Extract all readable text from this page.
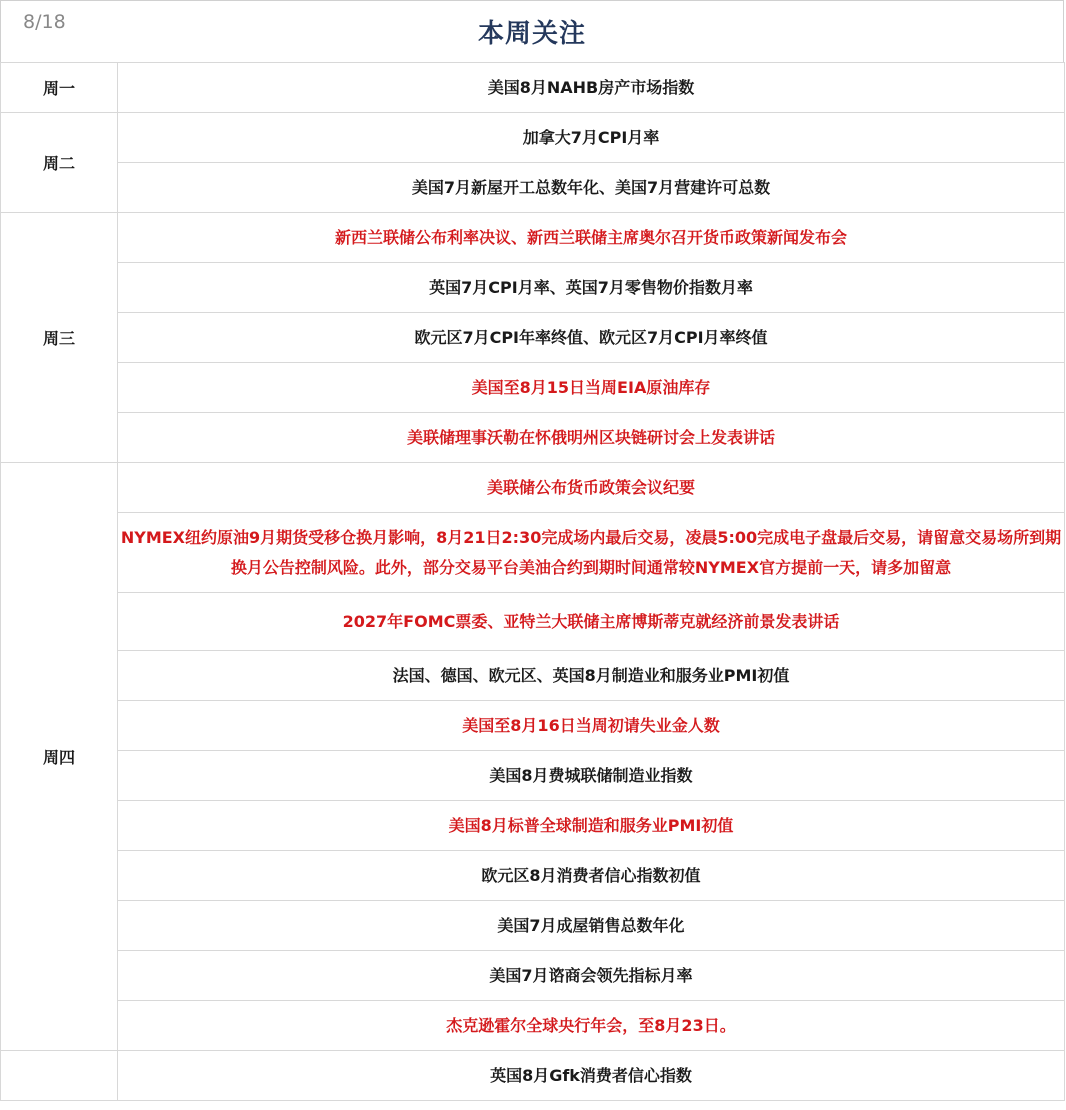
8/18	本周关注
周一	美国8月NAHB房产市场指数
周二	加拿大7月CPI月率
	美国7月新屋开工总数年化、美国7月营建许可总数
周三	新西兰联储公布利率决议、新西兰联储主席奥尔召开货币政策新闻发布会
	英国7月CPI月率、英国7月零售物价指数月率
	欧元区7月CPI年率终值、欧元区7月CPI月率终值
	美国至8月15日当周EIA原油库存
	美联储理事沃勒在怀俄明州区块链研讨会上发表讲话
周四	美联储公布货币政策会议纪要
	NYMEX纽约原油9月期货受移仓换月影响，8月21日2:30完成场内最后交易，凌晨5:00完成电子盘最后交易，请留意交易场所到期换月公告控制风险。此外，部分交易平台美油合约到期时间通常较NYMEX官方提前一天，请多加留意
	2027年FOMC票委、亚特兰大联储主席博斯蒂克就经济前景发表讲话
	法国、德国、欧元区、英国8月制造业和服务业PMI初值
	美国至8月16日当周初请失业金人数
	美国8月费城联储制造业指数
	美国8月标普全球制造和服务业PMI初值
	欧元区8月消费者信心指数初值
	美国7月成屋销售总数年化
	美国7月谘商会领先指标月率
	杰克逊霍尔全球央行年会，至8月23日。
	英国8月Gfk消费者信心指数
